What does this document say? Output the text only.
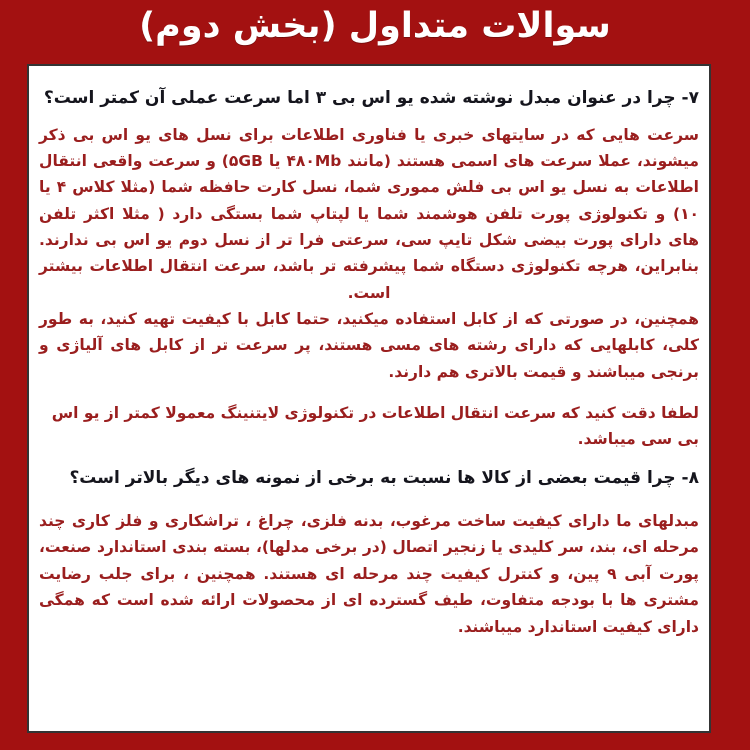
سوالات متداول (بخش دوم)
۷- چرا در عنوان مبدل نوشته شده یو اس بی ۳ اما سرعت عملی آن کمتر است؟

سرعت هایی که در سایتهای خبری یا فناوری اطلاعات برای نسل های یو اس بی ذکر میشوند، عملا سرعت های اسمی هستند (مانند ۴۸۰Mb یا ۵GB) و سرعت واقعی انتقال اطلاعات به نسل یو اس بی فلش مموری شما، نسل کارت حافظه شما (مثلا کلاس ۴ یا ۱۰) و تکنولوژی پورت تلفن هوشمند شما یا لپتاپ شما بستگی دارد ( مثلا اکثر تلفن های دارای پورت بیضی شکل تایپ سی، سرعتی فرا تر از نسل دوم یو اس بی ندارند. بنابراین، هرچه تکنولوژی دستگاه شما پیشرفته تر باشد، سرعت انتقال اطلاعات بیشتر است.

همچنین، در صورتی که از کابل استفاده میکنید، حتما کابل با کیفیت تهیه کنید، به طور کلی، کابلهایی که دارای رشته های مسی هستند، پر سرعت تر از کابل های آلیاژی و برنجی میباشند و قیمت بالاتری هم دارند.

لطفا دقت کنید که سرعت انتقال اطلاعات در تکنولوژی لایتنینگ معمولا کمتر از یو اس بی سی میباشد.

۸- چرا قیمت بعضی از کالا ها نسبت به برخی از نمونه های دیگر بالاتر است؟

مبدلهای ما دارای کیفیت ساخت مرغوب، بدنه فلزی، چراغ ، تراشکاری و فلز کاری چند مرحله ای، بند، سر کلیدی یا زنجیر اتصال (در برخی مدلها)، بسته بندی استاندارد صنعت، پورت آبی ۹ پین، و کنترل کیفیت چند مرحله ای هستند. همچنین ، برای جلب رضایت مشتری ها با بودجه متفاوت، طیف گسترده ای از محصولات ارائه شده است که همگی دارای کیفیت استاندارد میباشند.
